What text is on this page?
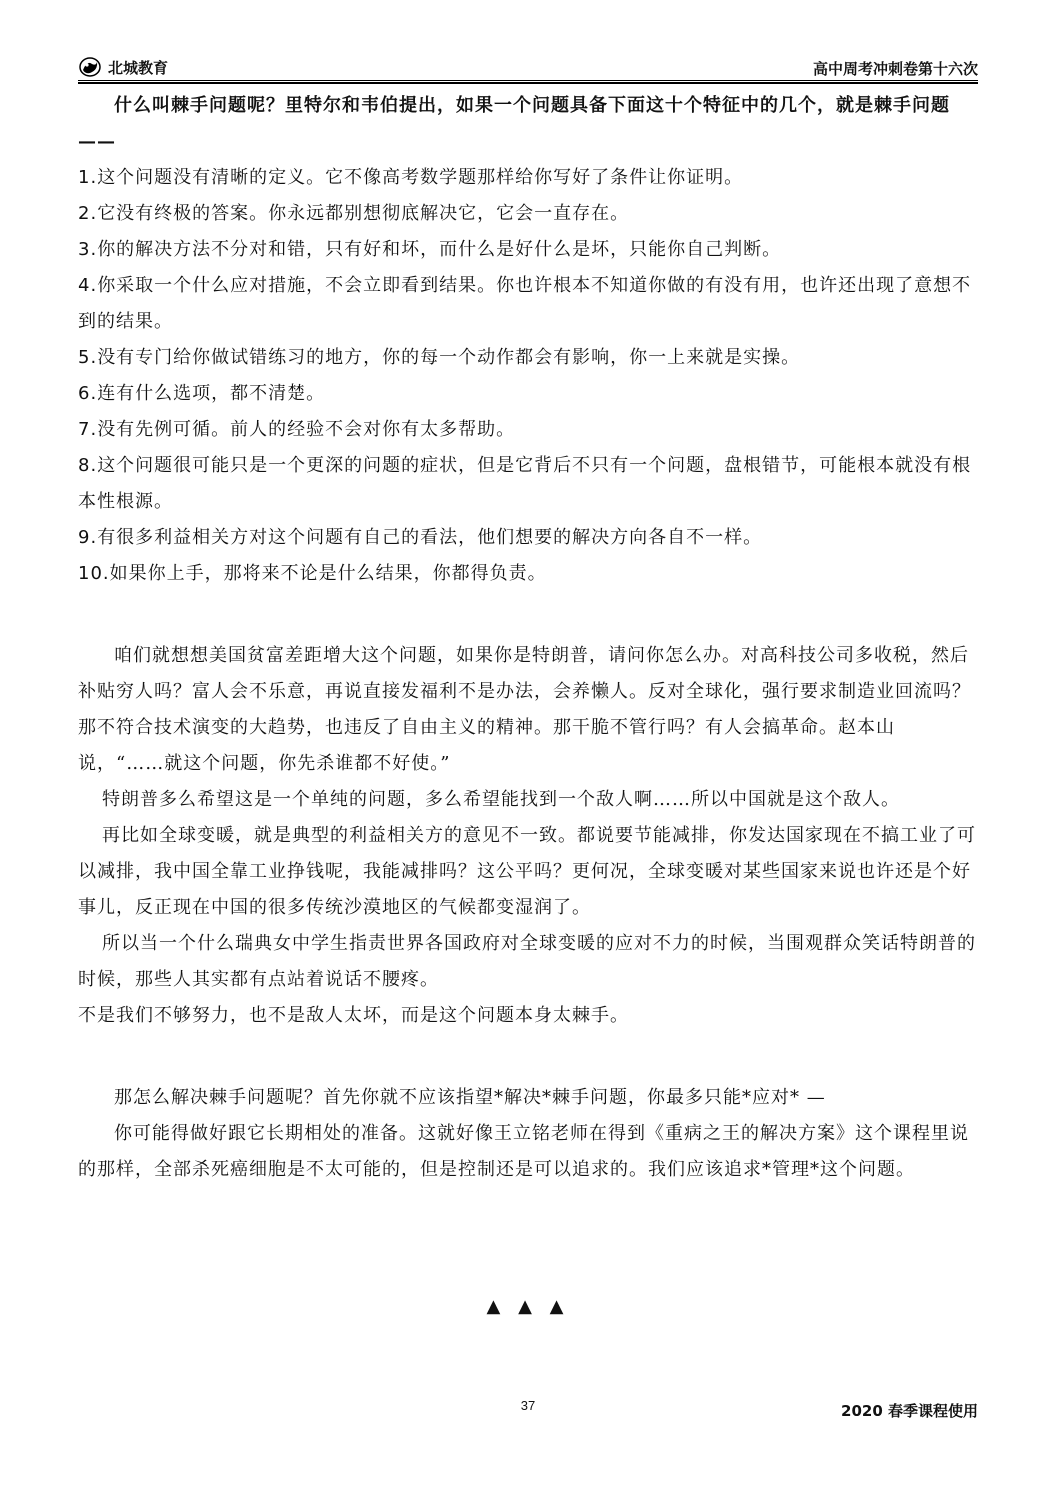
北城教育	高中周考冲刺卷第十六次

什么叫棘手问题呢？里特尔和韦伯提出，如果一个问题具备下面这十个特征中的几个，就是棘手问题 ——

1.这个问题没有清晰的定义。它不像高考数学题那样给你写好了条件让你证明。

2.它没有终极的答案。你永远都别想彻底解决它，它会一直存在。

3.你的解决方法不分对和错，只有好和坏，而什么是好什么是坏，只能你自己判断。

4.你采取一个什么应对措施，不会立即看到结果。你也许根本不知道你做的有没有用，也许还出现了意想不到的结果。

5.没有专门给你做试错练习的地方，你的每一个动作都会有影响，你一上来就是实操。

6.连有什么选项，都不清楚。

7.没有先例可循。前人的经验不会对你有太多帮助。

8.这个问题很可能只是一个更深的问题的症状，但是它背后不只有一个问题，盘根错节，可能根本就没有根本性根源。

9.有很多利益相关方对这个问题有自己的看法，他们想要的解决方向各自不一样。

10.如果你上手，那将来不论是什么结果，你都得负责。

咱们就想想美国贫富差距增大这个问题，如果你是特朗普，请问你怎么办。对高科技公司多收税，然后补贴穷人吗？富人会不乐意，再说直接发福利不是办法，会养懒人。反对全球化，强行要求制造业回流吗？那不符合技术演变的大趋势，也违反了自由主义的精神。那干脆不管行吗？有人会搞革命。赵本山说，“……就这个问题，你先杀谁都不好使。”

特朗普多么希望这是一个单纯的问题，多么希望能找到一个敌人啊……所以中国就是这个敌人。

再比如全球变暖，就是典型的利益相关方的意见不一致。都说要节能减排，你发达国家现在不搞工业了可以减排，我中国全靠工业挣钱呢，我能减排吗？这公平吗？更何况，全球变暖对某些国家来说也许还是个好事儿，反正现在中国的很多传统沙漠地区的气候都变湿润了。

所以当一个什么瑞典女中学生指责世界各国政府对全球变暖的应对不力的时候，当围观群众笑话特朗普的时候，那些人其实都有点站着说话不腰疼。

不是我们不够努力，也不是敌人太坏，而是这个问题本身太棘手。

那怎么解决棘手问题呢？首先你就不应该指望*解决*棘手问题，你最多只能*应对* —

你可能得做好跟它长期相处的准备。这就好像王立铭老师在得到《重病之王的解决方案》这个课程里说的那样，全部杀死癌细胞是不太可能的，但是控制还是可以追求的。我们应该追求*管理*这个问题。

▲ ▲ ▲
37	2020 春季课程使用
